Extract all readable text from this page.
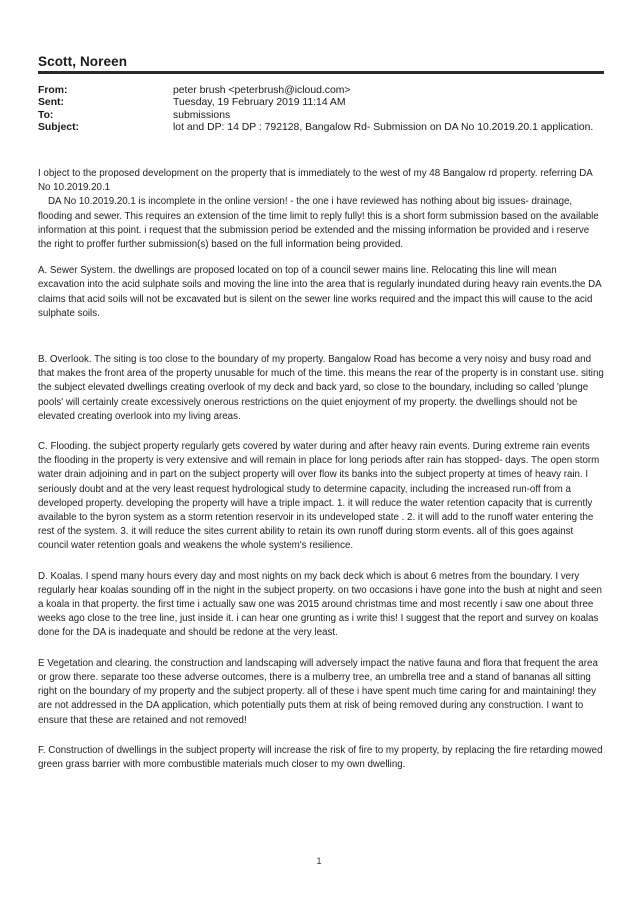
Scott, Noreen
From:	peter brush <peterbrush@icloud.com>
Sent:	Tuesday, 19 February 2019 11:14 AM
To:	submissions
Subject:	lot and DP: 14 DP : 792128, Bangalow Rd- Submission on DA No 10.2019.20.1 application.

I object to the proposed development on the property that is immediately to the west of my 48 Bangalow rd property. referring DA No 10.2019.20.1

DA No 10.2019.20.1 is incomplete in the online version! - the one i have reviewed has nothing about big issues- drainage, flooding and sewer. This requires an extension of the time limit to reply fully! this is a short form submission based on the available information at this point. i request that the submission period be extended and the missing information be provided and i reserve the right to proffer further submission(s) based on the full information being provided.

A. Sewer System. the dwellings are proposed located on top of a council sewer mains line. Relocating this line will mean excavation into the acid sulphate soils and moving the line into the area that is regularly inundated during heavy rain events.the DA claims that acid soils will not be excavated but is silent on the sewer line works required and the impact this will cause to the acid sulphate soils.

B. Overlook. The siting is too close to the boundary of my property. Bangalow Road has become a very noisy and busy road and that makes the front area of the property unusable for much of the time. this means the rear of the property is in constant use. siting the subject elevated dwellings creating overlook of my deck and back yard, so close to the boundary, including so called 'plunge pools' will certainly create excessively onerous restrictions on the quiet enjoyment of my property. the dwellings should not be elevated creating overlook into my living areas.

C. Flooding. the subject property regularly gets covered by water during and after heavy rain events. During extreme rain events the flooding in the property is very extensive and will remain in place for long periods after rain has stopped- days. The open storm water drain adjoining and in part on the subject property will over flow its banks into the subject property at times of heavy rain. I seriously doubt and at the very least request hydrological study to determine capacity, including the increased run-off from a developed property. developing the property will have a triple impact. 1. it will reduce the water retention capacity that is currently available to the byron system as a storm retention reservoir in its undeveloped state . 2. it will add to the runoff water entering the rest of the system. 3. it will reduce the sites current ability to retain its own runoff during storm events. all of this goes against council water retention goals and weakens the whole system's resilience.

D. Koalas. I spend many hours every day and most nights on my back deck which is about 6 metres from the boundary. I very regularly hear koalas sounding off in the night in the subject property. on two occasions i have gone into the bush at night and seen a koala in that property. the first time i actually saw one was 2015 around christmas time and most recently i saw one about three weeks ago close to the tree line, just inside it. i can hear one grunting as i write this! I suggest that the report and survey on koalas done for the DA is inadequate and should be redone at the very least.

E Vegetation and clearing. the construction and landscaping will adversely impact the native fauna and flora that frequent the area or grow there. separate too these adverse outcomes, there is a mulberry tree, an umbrella tree and a stand of bananas all sitting right on the boundary of my property and the subject property. all of these i have spent much time caring for and maintaining! they are not addressed in the DA application, which potentially puts them at risk of being removed during any construction. I want to ensure that these are retained and not removed!

F. Construction of dwellings in the subject property will increase the risk of fire to my property, by replacing the fire retarding mowed green grass barrier with more combustible materials much closer to my own dwelling.

1
